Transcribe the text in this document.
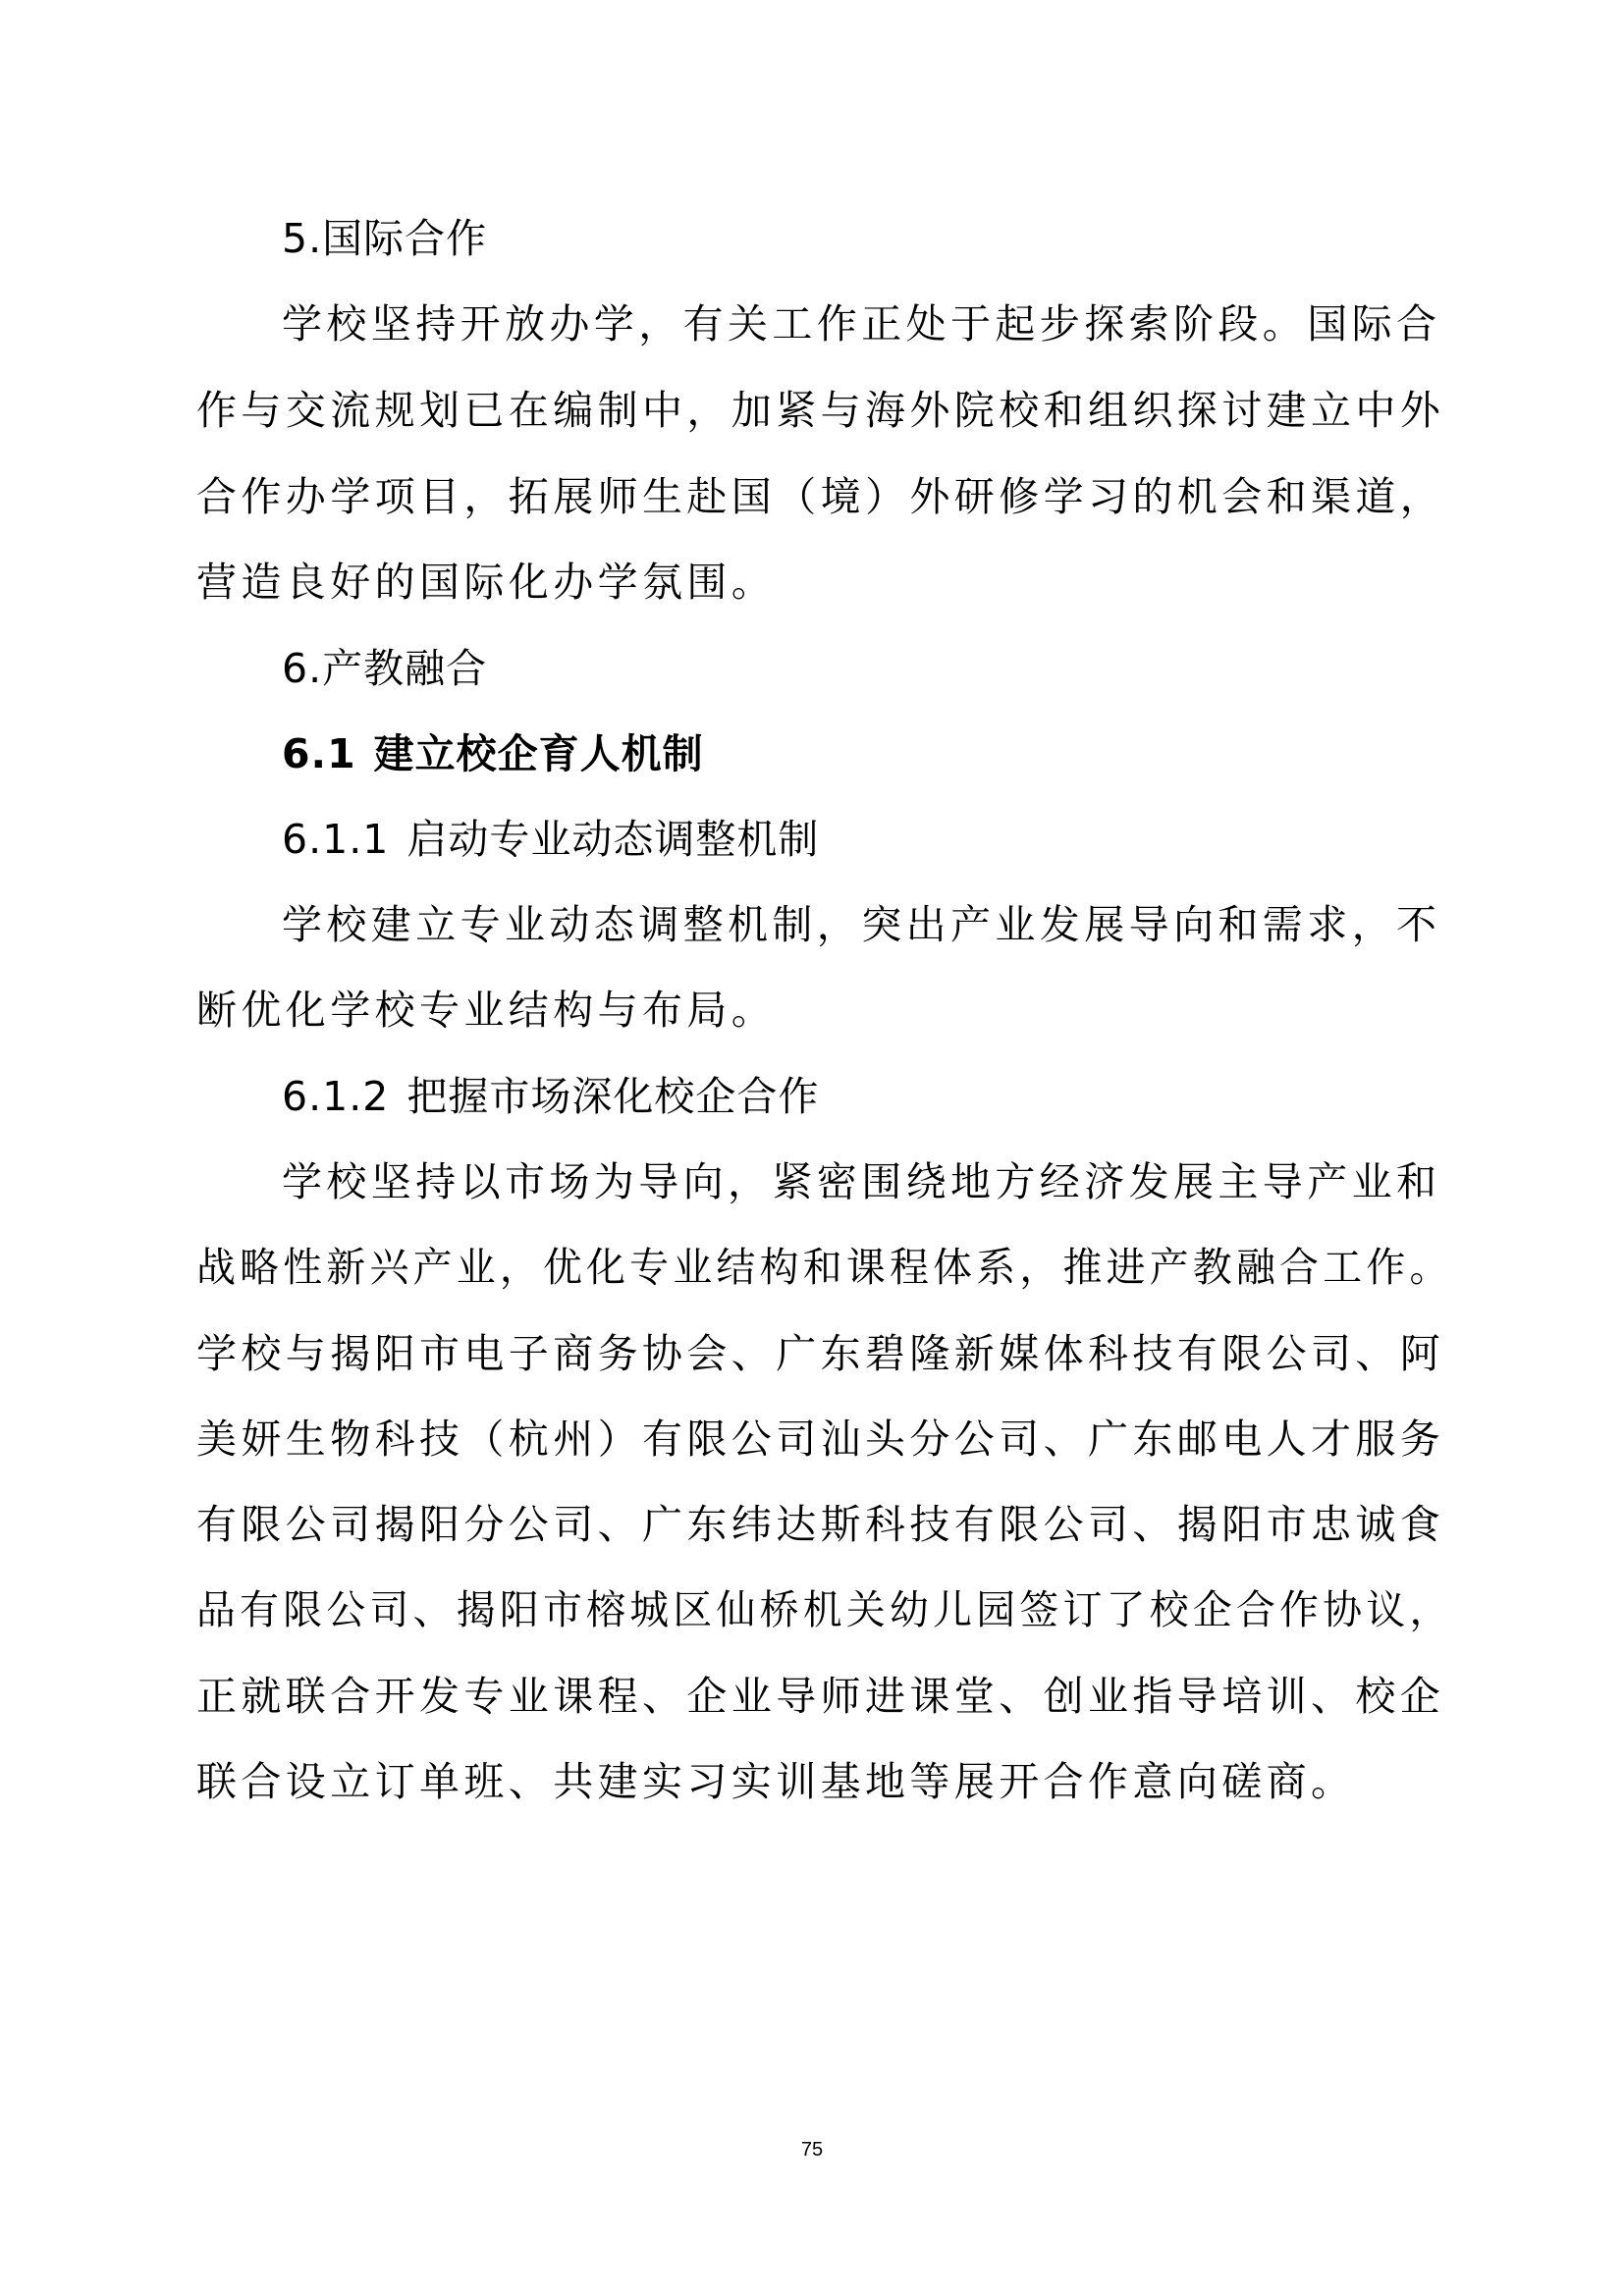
5.国际合作
学校坚持开放办学，有关工作正处于起步探索阶段。国际合
作与交流规划已在编制中，加紧与海外院校和组织探讨建立中外
合作办学项目，拓展师生赴国（境）外研修学习的机会和渠道，
营造良好的国际化办学氛围。
6.产教融合
6.1 建立校企育人机制
6.1.1 启动专业动态调整机制
学校建立专业动态调整机制，突出产业发展导向和需求，不
断优化学校专业结构与布局。
6.1.2 把握市场深化校企合作
学校坚持以市场为导向，紧密围绕地方经济发展主导产业和
战略性新兴产业，优化专业结构和课程体系，推进产教融合工作。
学校与揭阳市电子商务协会、广东碧隆新媒体科技有限公司、阿
美妍生物科技（杭州）有限公司汕头分公司、广东邮电人才服务
有限公司揭阳分公司、广东纬达斯科技有限公司、揭阳市忠诚食
品有限公司、揭阳市榕城区仙桥机关幼儿园签订了校企合作协议，
正就联合开发专业课程、企业导师进课堂、创业指导培训、校企
联合设立订单班、共建实习实训基地等展开合作意向磋商。
75
